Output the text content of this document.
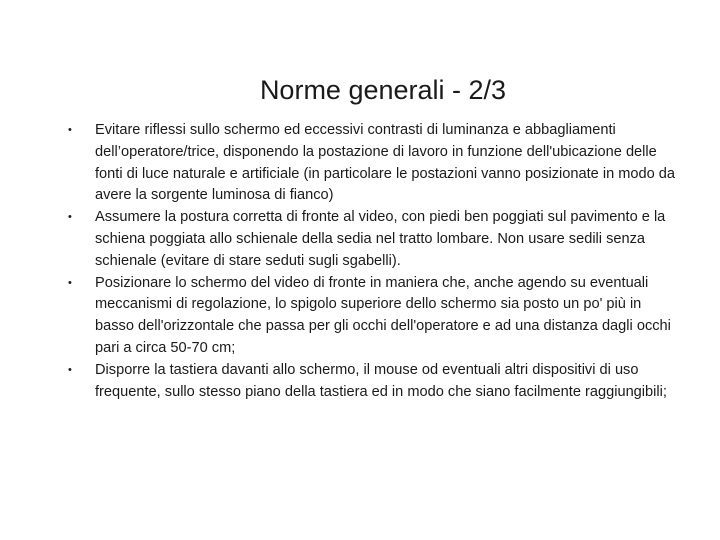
Norme generali - 2/3
• Evitare riflessi sullo schermo ed eccessivi contrasti di luminanza e abbagliamenti dell’operatore/trice, disponendo la postazione di lavoro in funzione dell'ubicazione delle fonti di luce naturale e artificiale (in particolare le postazioni vanno posizionate in modo da avere la sorgente luminosa di fianco)
• Assumere la postura corretta di fronte al video, con piedi ben poggiati sul pavimento e la schiena poggiata allo schienale della sedia nel tratto lombare. Non usare sedili senza schienale (evitare di stare seduti sugli sgabelli).
• Posizionare lo schermo del video di fronte in maniera che, anche agendo su eventuali meccanismi di regolazione, lo spigolo superiore dello schermo sia posto un po' più in basso dell'orizzontale che passa per gli occhi dell'operatore e ad una distanza dagli occhi pari a circa 50-70 cm;
• Disporre la tastiera davanti allo schermo, il mouse od eventuali altri dispositivi di uso frequente, sullo stesso piano della tastiera ed in modo che siano facilmente raggiungibili;
